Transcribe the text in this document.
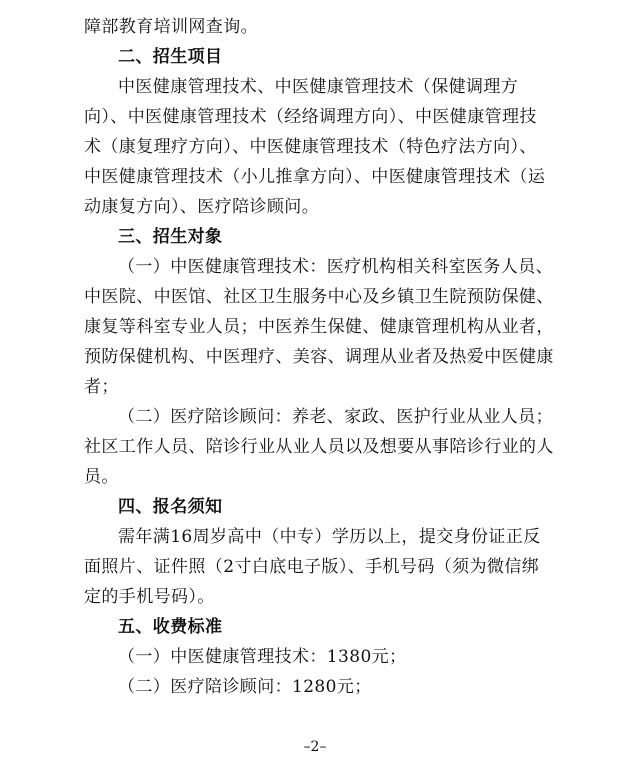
障部教育培训网查询。
二、招生项目
中医健康管理技术、中医健康管理技术（保健调理方
向）、中医健康管理技术（经络调理方向）、中医健康管理技
术（康复理疗方向）、中医健康管理技术（特色疗法方向）、
中医健康管理技术（小儿推拿方向）、中医健康管理技术（运
动康复方向）、医疗陪诊顾问。
三、招生对象
（一）中医健康管理技术：医疗机构相关科室医务人员、
中医院、中医馆、社区卫生服务中心及乡镇卫生院预防保健、
康复等科室专业人员；中医养生保健、健康管理机构从业者，
预防保健机构、中医理疗、美容、调理从业者及热爱中医健康
者；
（二）医疗陪诊顾问：养老、家政、医护行业从业人员；
社区工作人员、陪诊行业从业人员以及想要从事陪诊行业的人
员。
四、报名须知
需年满16周岁高中（中专）学历以上，提交身份证正反
面照片、证件照（2寸白底电子版）、手机号码（须为微信绑
定的手机号码）。
五、收费标准
（一）中医健康管理技术：1380元；
（二）医疗陪诊顾问：1280元；
–2–
